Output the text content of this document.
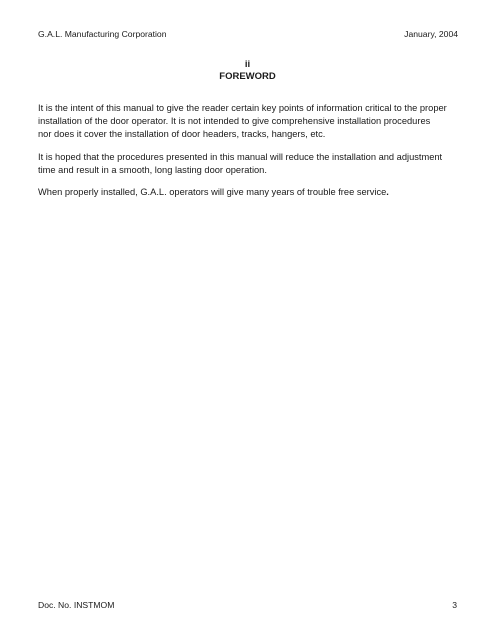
G.A.L. Manufacturing Corporation	January, 2004
ii
FOREWORD

It is the intent of this manual to give the reader certain key points of information critical to the proper
installation of the door operator. It is not intended to give comprehensive installation procedures
nor does it cover the installation of door headers, tracks, hangers, etc.

It is hoped that the procedures presented in this manual will reduce the installation and adjustment
time and result in a smooth, long lasting door operation.

When properly installed, G.A.L. operators will give many years of trouble free service.

Doc. No. INSTMOM	3
